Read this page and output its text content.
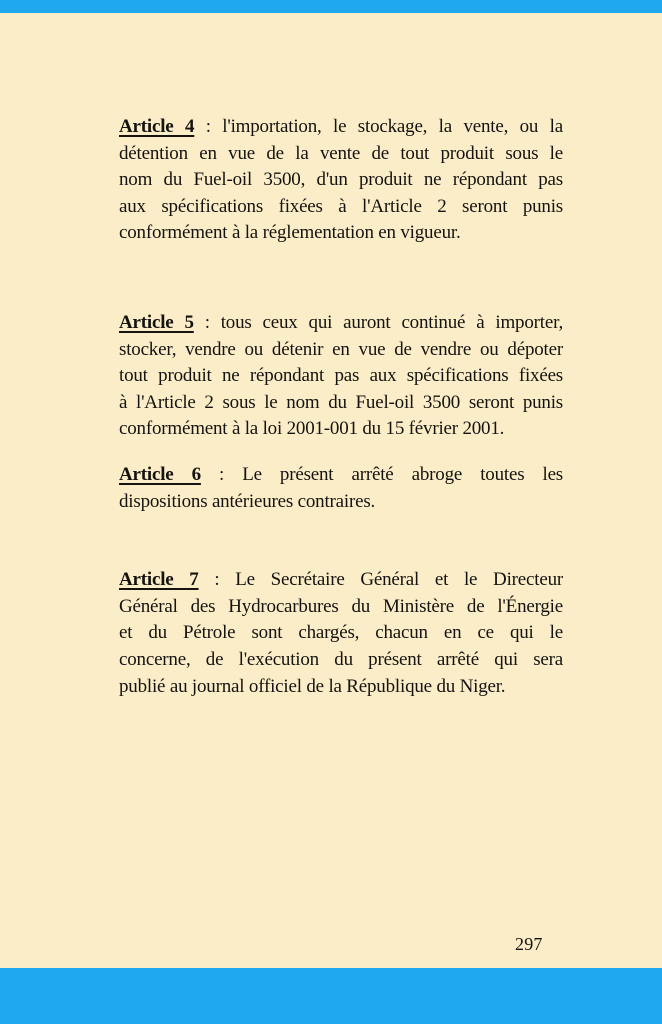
Article 4 : l'importation, le stockage, la vente, ou la
détention en vue de la vente de tout produit sous le
nom du Fuel-oil 3500, d'un produit ne répondant pas
aux spécifications fixées à l'Article 2 seront punis
conformément à la réglementation en vigueur.
Article 5 : tous ceux qui auront continué à importer,
stocker, vendre ou détenir en vue de vendre ou dépoter
tout produit ne répondant pas aux spécifications fixées
à l'Article 2 sous le nom du Fuel-oil 3500 seront punis
conformément à la loi 2001-001 du 15 février 2001.
Article 6 : Le présent arrêté abroge toutes les
dispositions antérieures contraires.
Article 7 : Le Secrétaire Général et le Directeur
Général des Hydrocarbures du Ministère de l'Énergie
et du Pétrole sont chargés, chacun en ce qui le
concerne, de l'exécution du présent arrêté qui sera
publié au journal officiel de la République du Niger.
297
